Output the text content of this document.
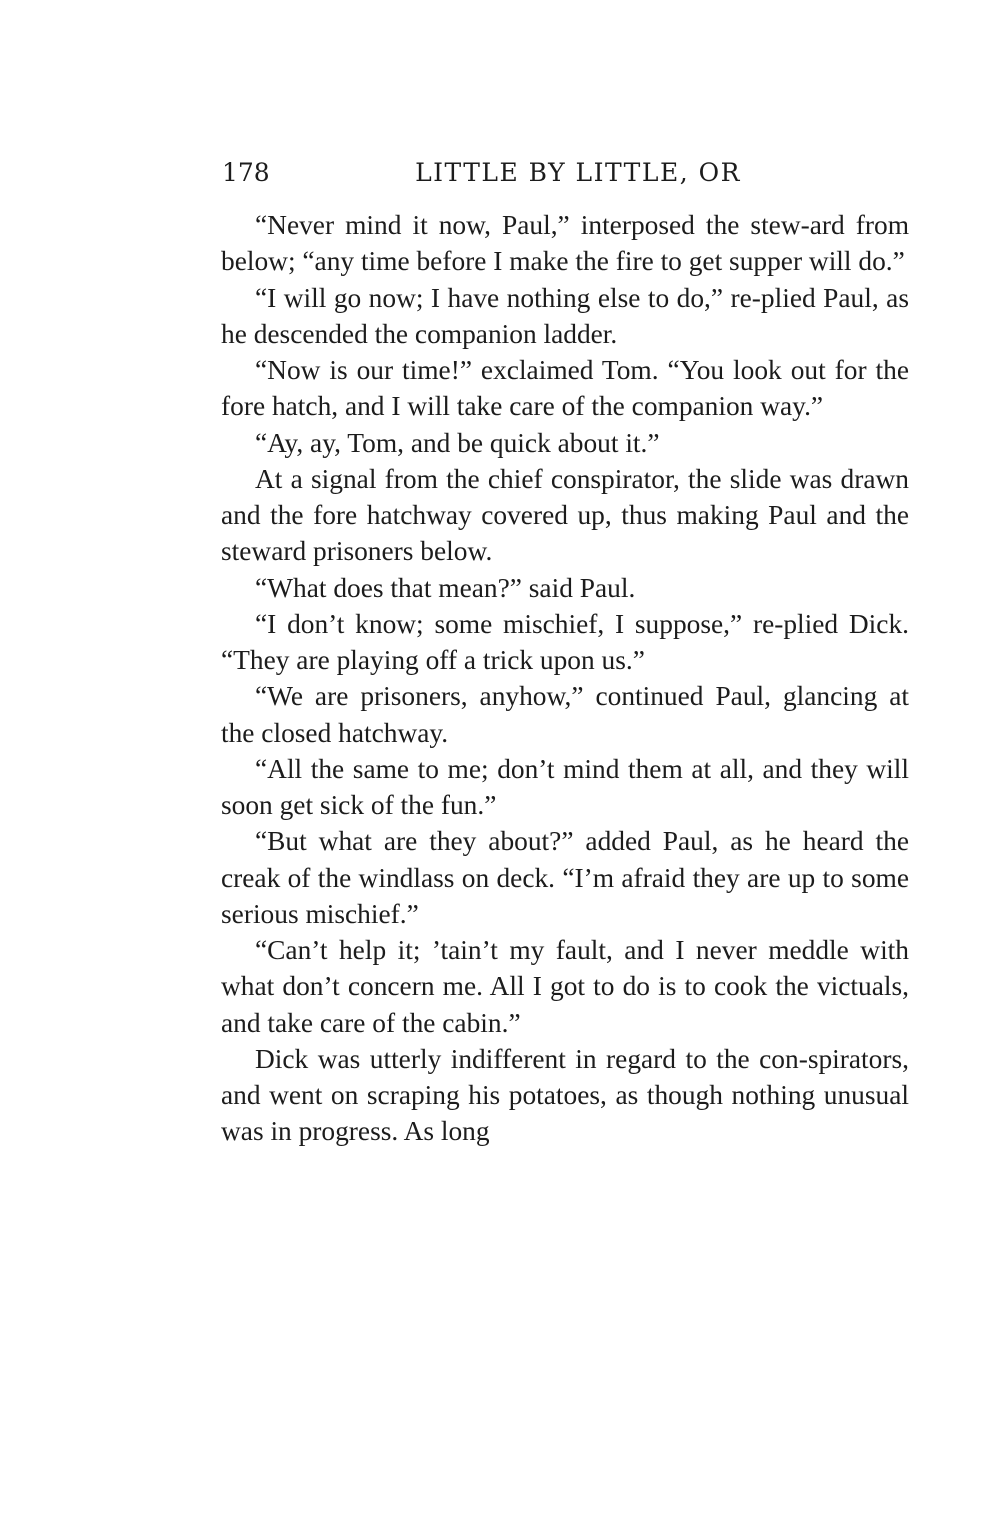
178	LITTLE BY LITTLE, OR

“Never mind it now, Paul,” interposed the stew-ard from below; “any time before I make the fire to get supper will do.”

“I will go now; I have nothing else to do,” re-plied Paul, as he descended the companion ladder.

“Now is our time!” exclaimed Tom. “You look out for the fore hatch, and I will take care of the companion way.”

“Ay, ay, Tom, and be quick about it.”

At a signal from the chief conspirator, the slide was drawn and the fore hatchway covered up, thus making Paul and the steward prisoners below.

“What does that mean?” said Paul.

“I don’t know; some mischief, I suppose,” re-plied Dick. “They are playing off a trick upon us.”

“We are prisoners, anyhow,” continued Paul, glancing at the closed hatchway.

“All the same to me; don’t mind them at all, and they will soon get sick of the fun.”

“But what are they about?” added Paul, as he heard the creak of the windlass on deck. “I’m afraid they are up to some serious mischief.”

“Can’t help it; ’tain’t my fault, and I never meddle with what don’t concern me. All I got to do is to cook the victuals, and take care of the cabin.”

Dick was utterly indifferent in regard to the con-spirators, and went on scraping his potatoes, as though nothing unusual was in progress. As long
